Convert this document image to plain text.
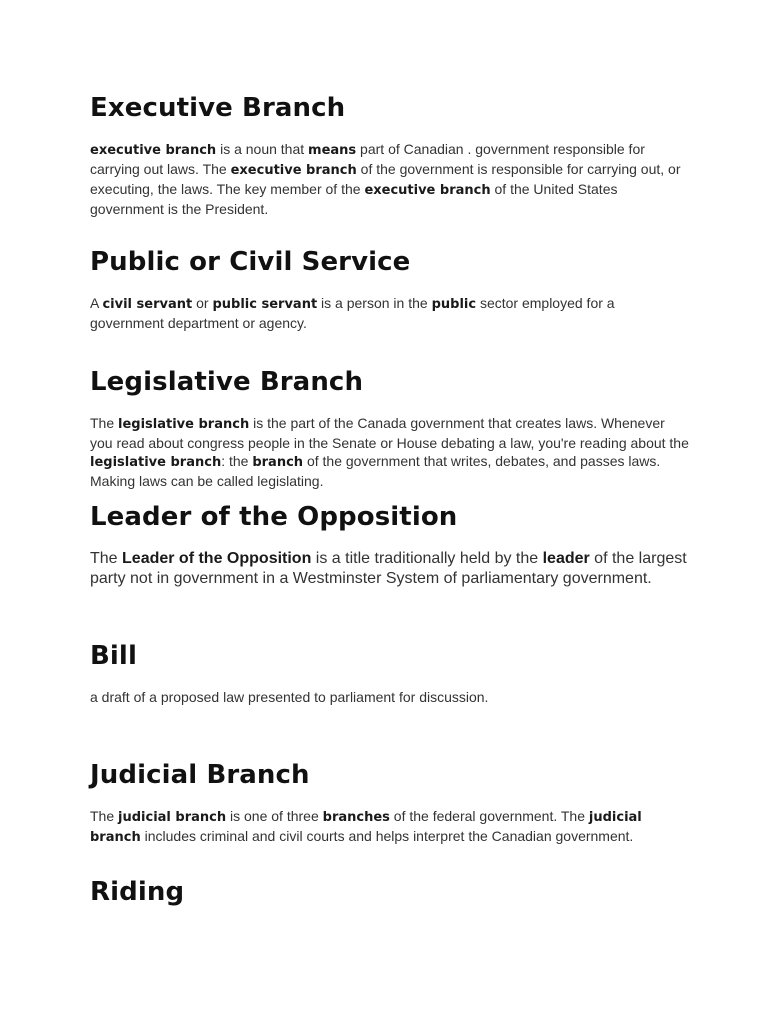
Executive Branch

executive branch is a noun that means part of Canadian . government responsible for carrying out laws. The executive branch of the government is responsible for carrying out, or executing, the laws. The key member of the executive branch of the United States government is the President.

Public or Civil Service

A civil servant or public servant is a person in the public sector employed for a government department or agency.

Legislative Branch

The legislative branch is the part of the Canada government that creates laws. Whenever you read about congress people in the Senate or House debating a law, you're reading about the legislative branch: the branch of the government that writes, debates, and passes laws. Making laws can be called legislating.

Leader of the Opposition

The Leader of the Opposition is a title traditionally held by the leader of the largest party not in government in a Westminster System of parliamentary government.

Bill

a draft of a proposed law presented to parliament for discussion.

Judicial Branch

The judicial branch is one of three branches of the federal government. The judicial branch includes criminal and civil courts and helps interpret the Canadian government.

Riding
